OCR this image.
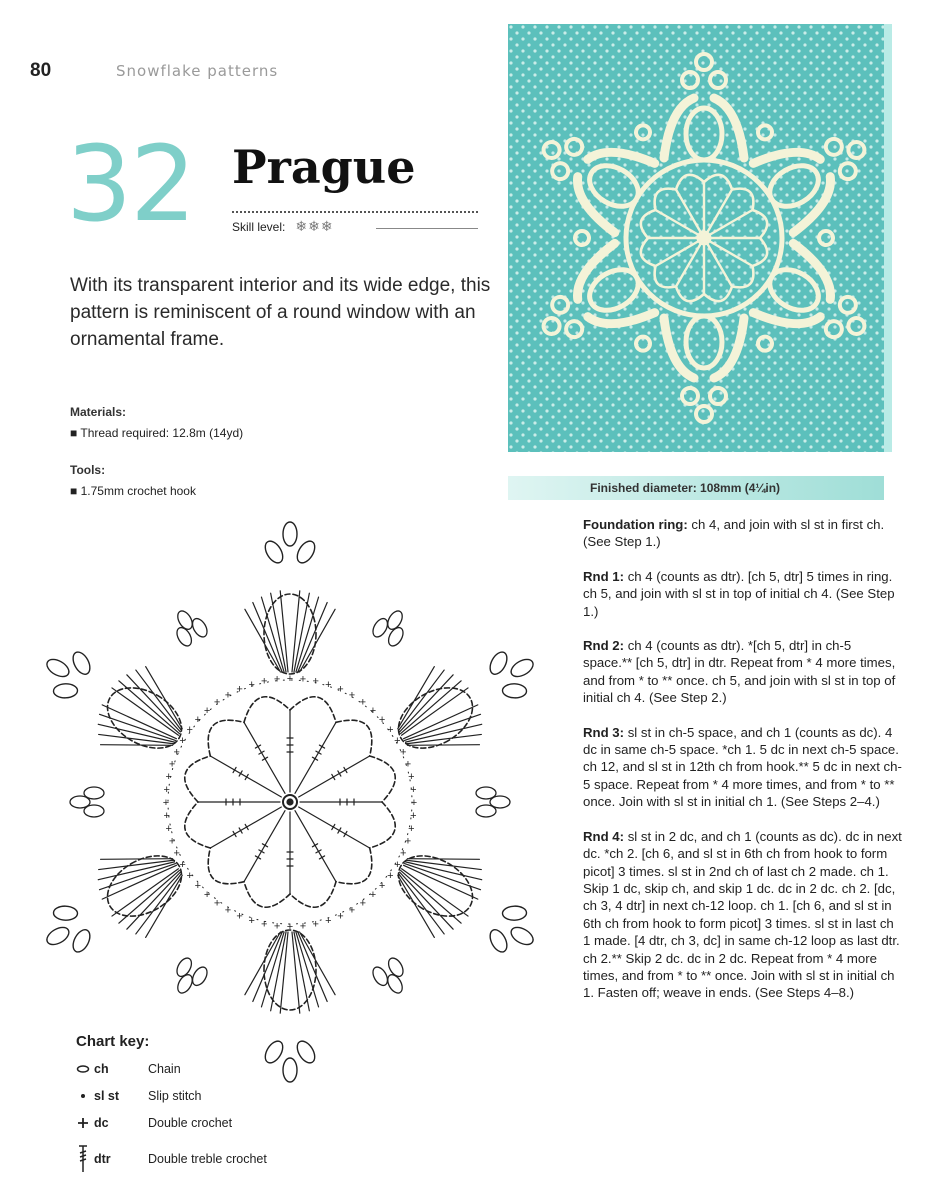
80	Snowflake patterns
32 Prague
Skill level: ❄❄❄
With its transparent interior and its wide edge, this pattern is reminiscent of a round window with an ornamental frame.
Materials:
■ Thread required: 12.8m (14yd)
Tools:
■ 1.75mm crochet hook	Finished diameter: 108mm (4¼in)
Foundation ring: ch 4, and join with sl st in first ch. (See Step 1.)
Rnd 1: ch 4 (counts as dtr). [ch 5, dtr] 5 times in ring. ch 5, and join with sl st in top of initial ch 4. (See Step 1.)
Rnd 2: ch 4 (counts as dtr). *[ch 5, dtr] in ch-5 space.** [ch 5, dtr] in dtr. Repeat from * 4 more times, and from * to ** once. ch 5, and join with sl st in top of initial ch 4. (See Step 2.)
Rnd 3: sl st in ch-5 space, and ch 1 (counts as dc). 4 dc in same ch-5 space. *ch 1. 5 dc in next ch-5 space. ch 12, and sl st in 12th ch from hook.** 5 dc in next ch-5 space. Repeat from * 4 more times, and from * to ** once. Join with sl st in initial ch 1. (See Steps 2–4.)
Rnd 4: sl st in 2 dc, and ch 1 (counts as dc). dc in next dc. *ch 2. [ch 6, and sl st in 6th ch from hook to form picot] 3 times. sl st in 2nd ch of last ch 2 made. ch 1. Skip 1 dc, skip ch, and skip 1 dc. dc in 2 dc. ch 2. [dc, ch 3, 4 dtr] in next ch-12 loop. ch 1. [ch 6, and sl st in 6th ch from hook to form picot] 3 times. sl st in last ch 1 made. [4 dtr, ch 3, dc] in same ch-12 loop as last dtr. ch 2.** Skip 2 dc. dc in 2 dc. Repeat from * 4 more times, and from * to ** once. Join with sl st in initial ch 1. Fasten off; weave in ends. (See Steps 4–8.)
+
+
+
+
+
+
+
+
+
+
+
+
+
+
+
+
+
+
+
+
+
+
+
+
+
+
+
+
+
+
+
+
+
+
+
+
+
+
+
+
+ + + + + + + + + + +
+
+
+
+
+
+
+
+
+
Chart key:
ch	Chain
sl st	Slip stitch
dc	Double crochet
dtr	Double treble crochet
